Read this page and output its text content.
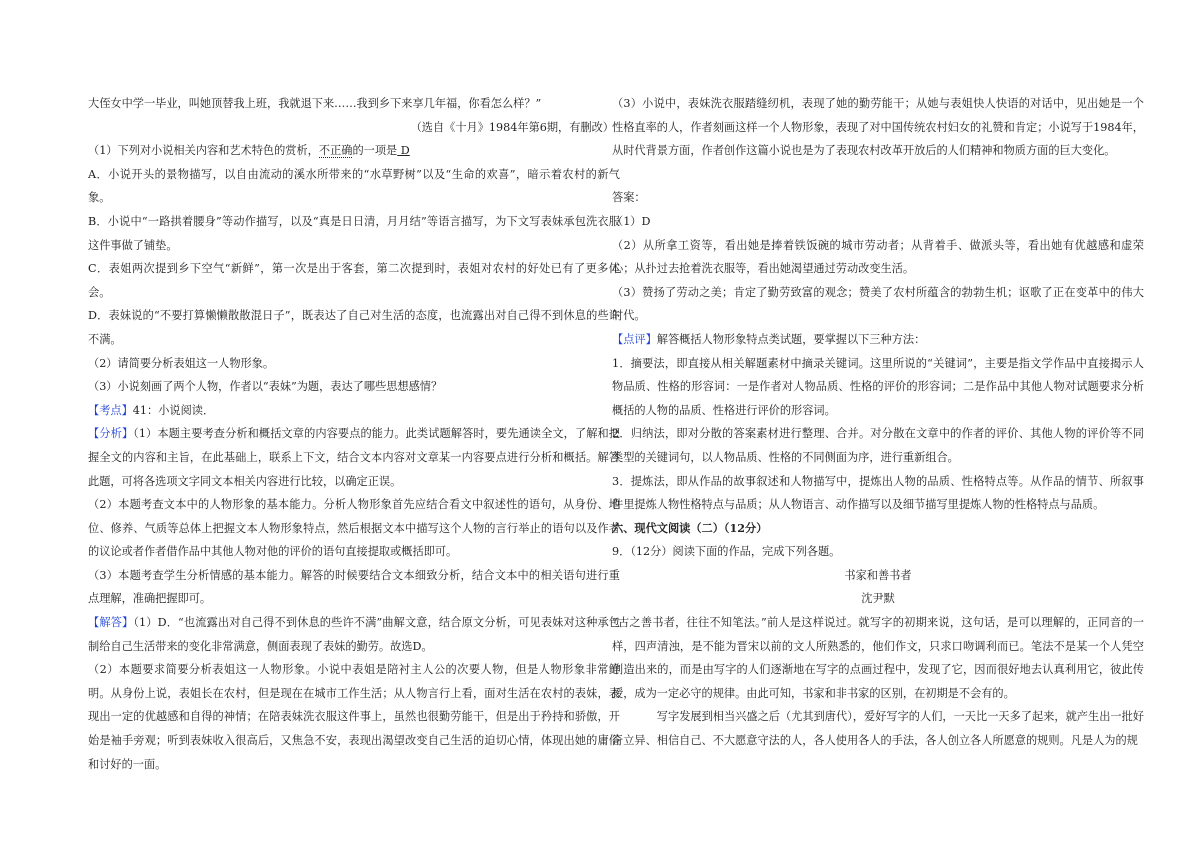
大侄女中学一毕业，叫她顶替我上班，我就退下来……我到乡下来享几年福，你看怎么样？”

（选自《十月》1984年第6期，有删改）

（1）下列对小说相关内容和艺术特色的赏析，不正确的一项是 D

A．小说开头的景物描写，以自由流动的溪水所带来的“水草野树”以及“生命的欢喜”，暗示着农村的新气象。

B．小说中“一路拱着腰身”等动作描写，以及“真是日日清，月月结”等语言描写，为下文写表妹承包洗衣服这件事做了铺垫。

C．表姐两次提到乡下空气“新鲜”，第一次是出于客套，第二次提到时，表姐对农村的好处已有了更多体会。

D．表妹说的“不要打算懒懒散散混日子”，既表达了自己对生活的态度，也流露出对自己得不到休息的些许不满。

（2）请简要分析表姐这一人物形象。

（3）小说刻画了两个人物，作者以“表妹”为题，表达了哪些思想感情？

【考点】41：小说阅读．

【分析】（1）本题主要考查分析和概括文章的内容要点的能力。此类试题解答时，要先通读全文，了解和把握全文的内容和主旨，在此基础上，联系上下文，结合文本内容对文章某一内容要点进行分析和概括。解答此题，可将各选项文字同文本相关内容进行比较，以确定正误。

（2）本题考查文本中的人物形象的基本能力。分析人物形象首先应结合看文中叙述性的语句，从身份、地位、修养、气质等总体上把握文本人物形象特点，然后根据文本中描写这个人物的言行举止的语句以及作者的议论或者作者借作品中其他人物对他的评价的语句直接提取或概括即可。

（3）本题考查学生分析情感的基本能力。解答的时候要结合文本细致分析，结合文本中的相关语句进行重点理解，准确把握即可。

【解答】（1）D．“也流露出对自己得不到休息的些许不满”曲解文意，结合原文分析，可见表妹对这种承包制给自己生活带来的变化非常满意，侧面表现了表妹的勤劳。故选D。

（2）本题要求简要分析表姐这一人物形象。小说中表姐是陪衬主人公的次要人物，但是人物形象非常鲜明。从身份上说，表姐长在农村，但是现在在城市工作生活；从人物言行上看，面对生活在农村的表妹，表现出一定的优越感和自得的神情；在陪表妹洗衣服这件事上，虽然也很勤劳能干，但是出于矜持和骄傲，开始是袖手旁观；听到表妹收入很高后，又焦急不安，表现出渴望改变自己生活的迫切心情，体现出她的庸俗和讨好的一面。

（3）小说中，表妹洗衣服踏缝纫机，表现了她的勤劳能干；从她与表姐快人快语的对话中，见出她是一个性格直率的人，作者刻画这样一个人物形象，表现了对中国传统农村妇女的礼赞和肯定；小说写于1984年，从时代背景方面，作者创作这篇小说也是为了表现农村改革开放后的人们精神和物质方面的巨大变化。

答案：

（1）D

（2）从所拿工资等，看出她是捧着铁饭碗的城市劳动者；从背着手、做派头等，看出她有优越感和虚荣心；从扑过去抢着洗衣服等，看出她渴望通过劳动改变生活。

（3）赞扬了劳动之美；肯定了勤劳致富的观念；赞美了农村所蕴含的勃勃生机；讴歌了正在变革中的伟大时代。

【点评】解答概括人物形象特点类试题，要掌握以下三种方法：

1．摘要法，即直接从相关解题素材中摘录关键词。这里所说的“关键词”，主要是指文学作品中直接揭示人物品质、性格的形容词：一是作者对人物品质、性格的评价的形容词；二是作品中其他人物对试题要求分析概括的人物的品质、性格进行评价的形容词。

2．归纳法，即对分散的答案素材进行整理、合并。对分散在文章中的作者的评价、其他人物的评价等不同类型的关键词句，以人物品质、性格的不同侧面为序，进行重新组合。

3．提炼法，即从作品的故事叙述和人物描写中，提炼出人物的品质、性格特点等。从作品的情节、所叙事件里提炼人物性格特点与品质；从人物语言、动作描写以及细节描写里提炼人物的性格特点与品质。

六、现代文阅读（二）（12分）

9．（12分）阅读下面的作品，完成下列各题。

书家和善书者

沈尹默

“古之善书者，往往不知笔法。”前人是这样说过。就写字的初期来说，这句话，是可以理解的，正同音的一样，四声清浊，是不能为晋宋以前的文人所熟悉的，他们作文，只求口吻调利而已。笔法不是某一个人凭空创造出来的，而是由写字的人们逐渐地在写字的点画过程中，发现了它，因而很好地去认真利用它，彼此传授，成为一定必守的规律。由此可知，书家和非书家的区别，在初期是不会有的。

写字发展到相当兴盛之后（尤其到唐代），爱好写字的人们，一天比一天多了起来，就产生出一批好奇立异、相信自己、不大愿意守法的人，各人使用各人的手法，各人创立各人所愿意的规则。凡是人为的规
